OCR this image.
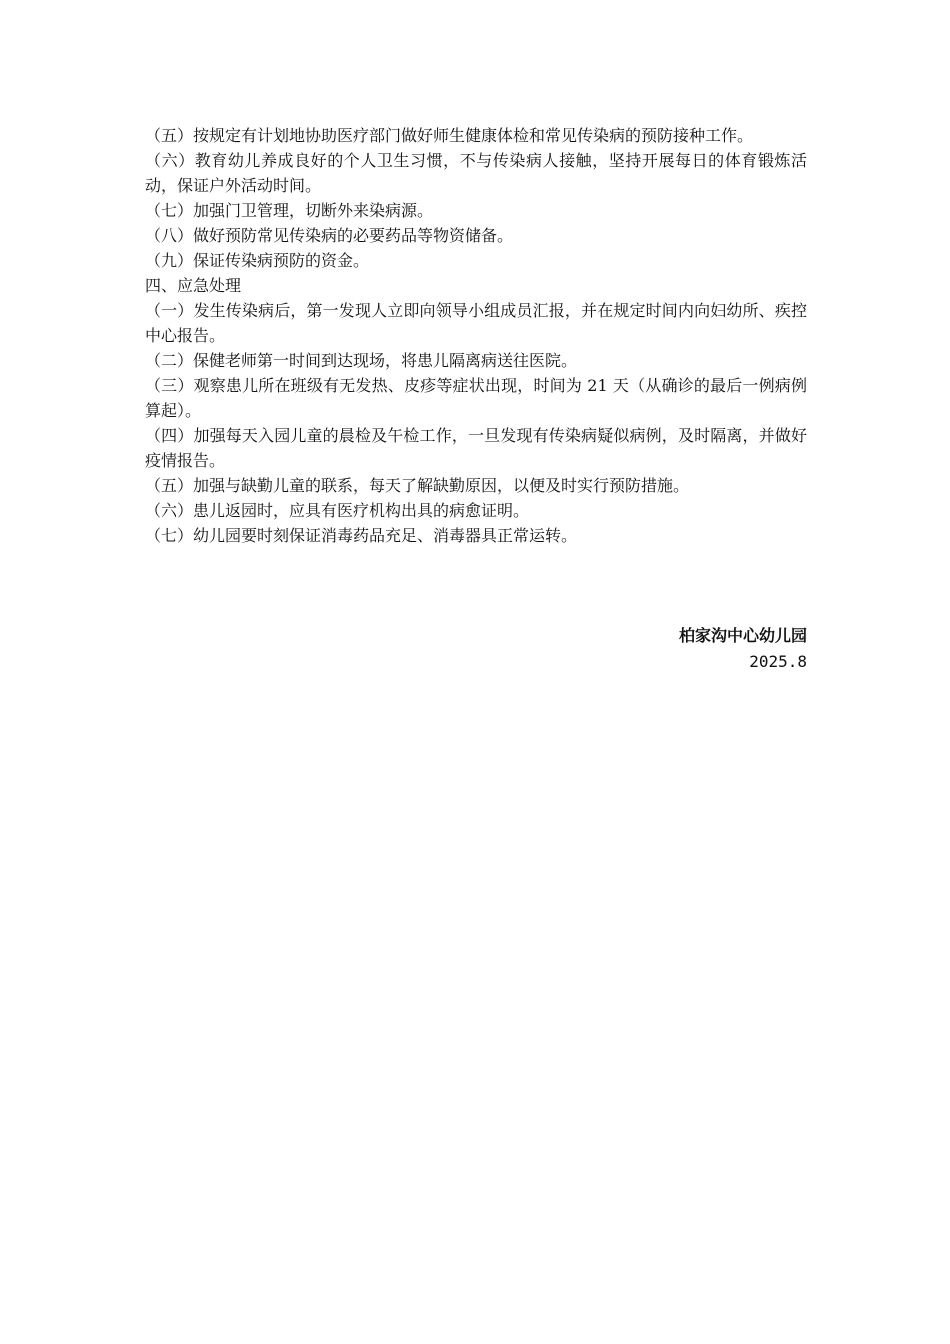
（五）按规定有计划地协助医疗部门做好师生健康体检和常见传染病的预防接种工作。

（六）教育幼儿养成良好的个人卫生习惯，不与传染病人接触，坚持开展每日的体育锻炼活动，保证户外活动时间。

（七）加强门卫管理，切断外来染病源。

（八）做好预防常见传染病的必要药品等物资储备。

（九）保证传染病预防的资金。

四、应急处理

（一）发生传染病后，第一发现人立即向领导小组成员汇报，并在规定时间内向妇幼所、疾控中心报告。

（二）保健老师第一时间到达现场，将患儿隔离病送往医院。

（三）观察患儿所在班级有无发热、皮疹等症状出现，时间为 21 天（从确诊的最后一例病例算起）。

（四）加强每天入园儿童的晨检及午检工作，一旦发现有传染病疑似病例，及时隔离，并做好疫情报告。

（五）加强与缺勤儿童的联系，每天了解缺勤原因，以便及时实行预防措施。

（六）患儿返园时，应具有医疗机构出具的病愈证明。

（七）幼儿园要时刻保证消毒药品充足、消毒器具正常运转。

柏家沟中心幼儿园
2025.8
